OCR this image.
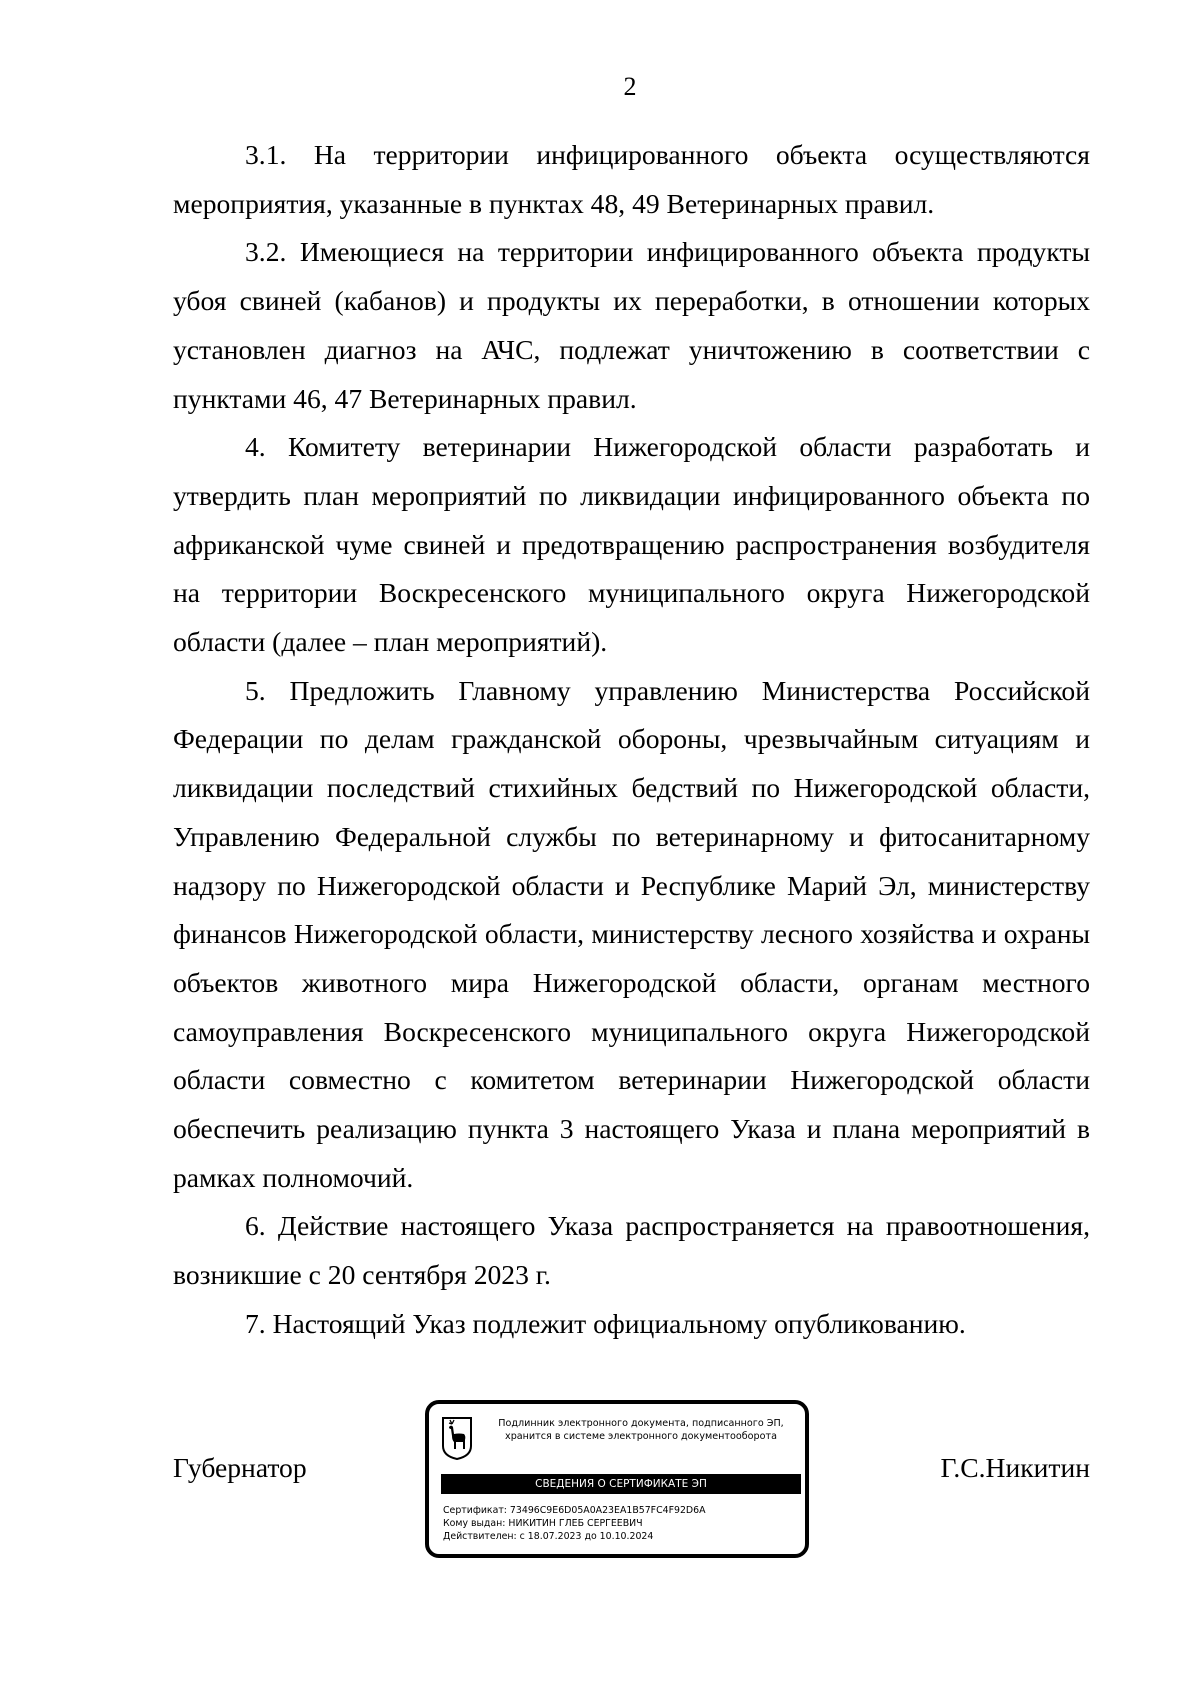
2

3.1. На территории инфицированного объекта осуществляются мероприятия, указанные в пунктах 48, 49 Ветеринарных правил.

3.2. Имеющиеся на территории инфицированного объекта продукты убоя свиней (кабанов) и продукты их переработки, в отношении которых установлен диагноз на АЧС, подлежат уничтожению в соответствии с пунктами 46, 47 Ветеринарных правил.

4. Комитету ветеринарии Нижегородской области разработать и утвердить план мероприятий по ликвидации инфицированного объекта по африканской чуме свиней и предотвращению распространения возбудителя на территории Воскресенского муниципального округа Нижегородской области (далее – план мероприятий).

5. Предложить Главному управлению Министерства Российской Федерации по делам гражданской обороны, чрезвычайным ситуациям и ликвидации последствий стихийных бедствий по Нижегородской области, Управлению Федеральной службы по ветеринарному и фитосанитарному надзору по Нижегородской области и Республике Марий Эл, министерству финансов Нижегородской области, министерству лесного хозяйства и охраны объектов животного мира Нижегородской области, органам местного самоуправления Воскресенского муниципального округа Нижегородской области совместно с комитетом ветеринарии Нижегородской области обеспечить реализацию пункта 3 настоящего Указа и плана мероприятий в рамках полномочий.

6. Действие настоящего Указа распространяется на правоотношения, возникшие с 20 сентября 2023 г.

7. Настоящий Указ подлежит официальному опубликованию.

Губернатор
Подлинник электронного документа, подписанного ЭП,
хранится в системе электронного документооборота
СВЕДЕНИЯ О СЕРТИФИКАТЕ ЭП
Сертификат: 73496C9E6D05A0A23EA1B57FC4F92D6A
Кому выдан: НИКИТИН ГЛЕБ СЕРГЕЕВИЧ
Действителен: с 18.07.2023 до 10.10.2024
Г.С.Никитин
